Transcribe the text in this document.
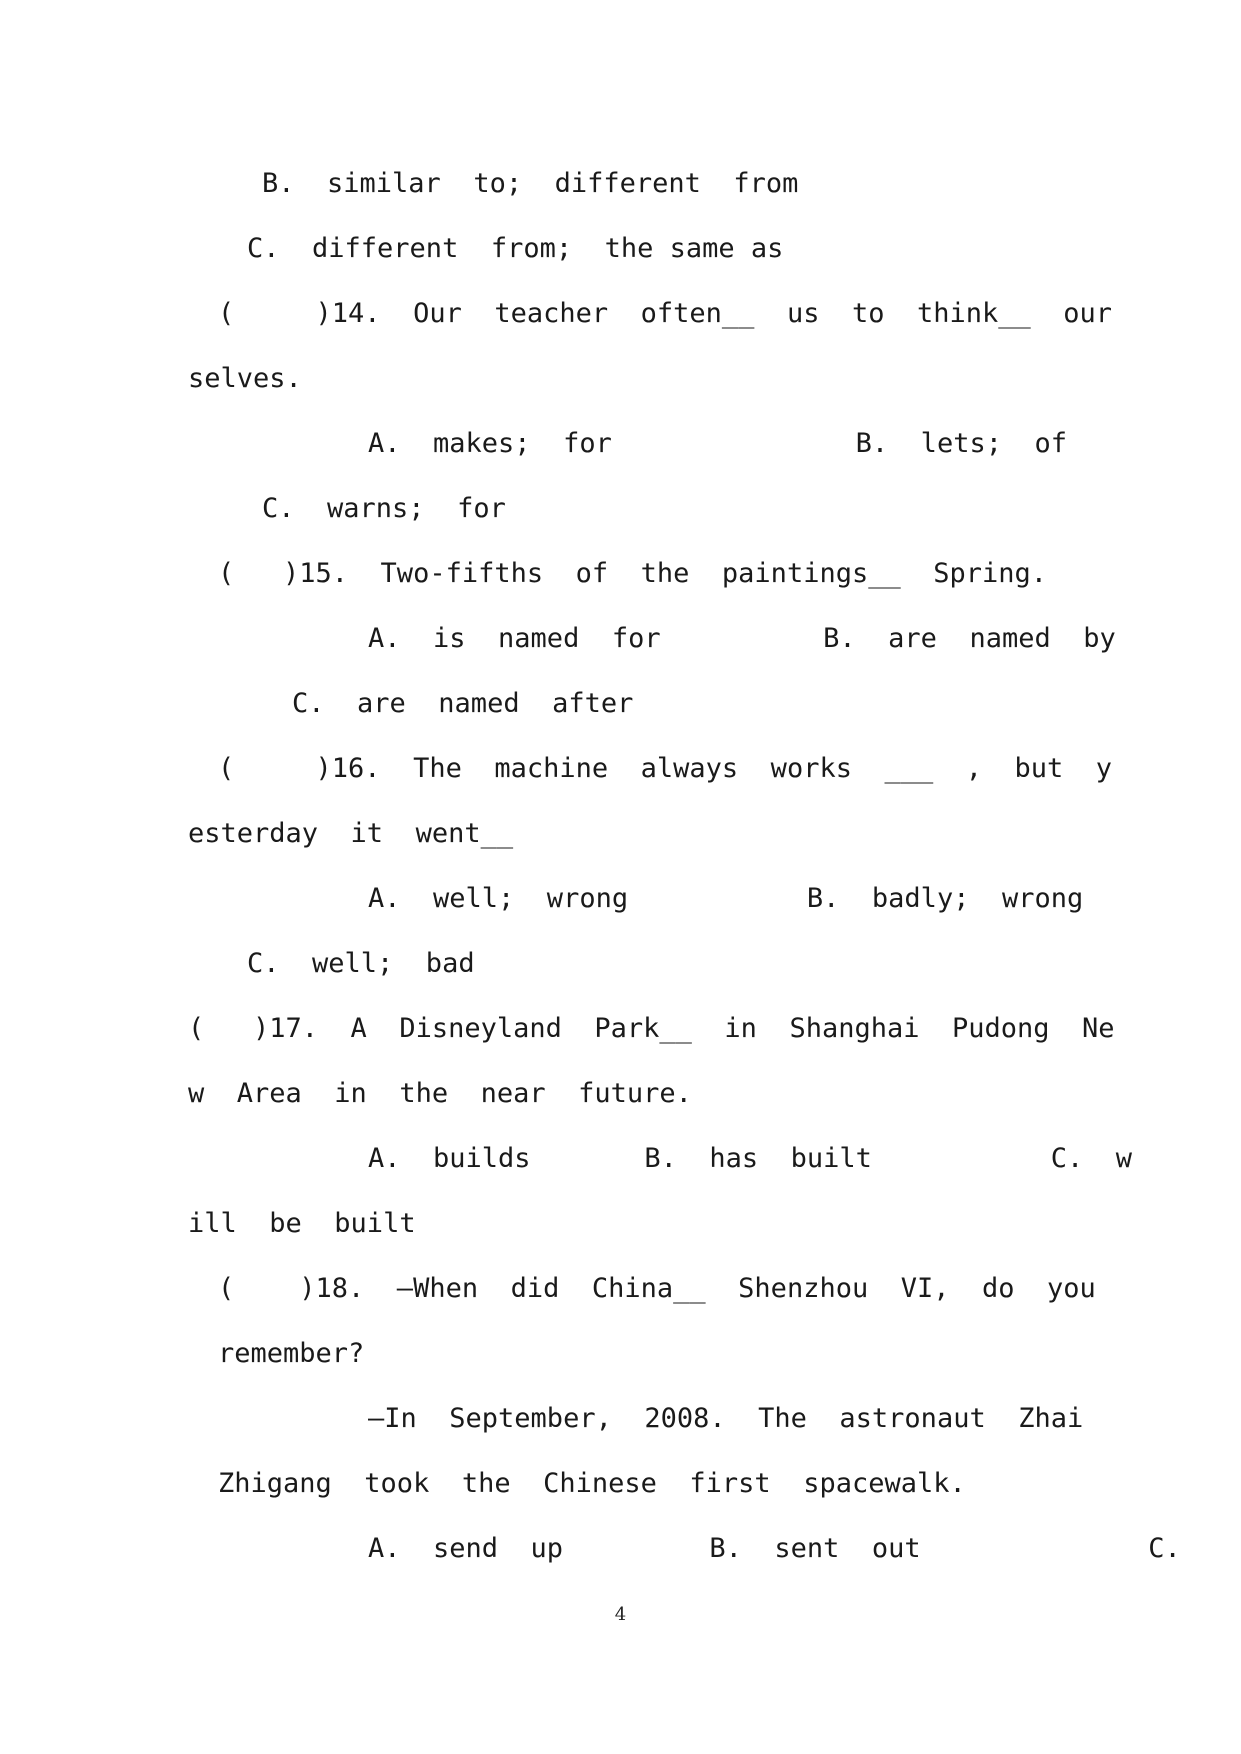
B.  similar  to;  different  from
C.  different  from;  the same as
(     )14.  Our  teacher  often__  us  to  think__  our
selves.
A.  makes;  for               B.  lets;  of
C.  warns;  for
(   )15.  Two-fifths  of  the  paintings__  Spring.
A.  is  named  for          B.  are  named  by
C.  are  named  after
(     )16.  The  machine  always  works  ___  ,  but  y
esterday  it  went__
A.  well;  wrong           B.  badly;  wrong
C.  well;  bad
(   )17.  A  Disneyland  Park__  in  Shanghai  Pudong  Ne
w  Area  in  the  near  future.
A.  builds       B.  has  built           C.  w
ill  be  built
(    )18.  —When  did  China__  Shenzhou  VI,  do  you
remember?
—In  September,  2008.  The  astronaut  Zhai
Zhigang  took  the  Chinese  first  spacewalk.
A.  send  up         B.  sent  out              C.
4
